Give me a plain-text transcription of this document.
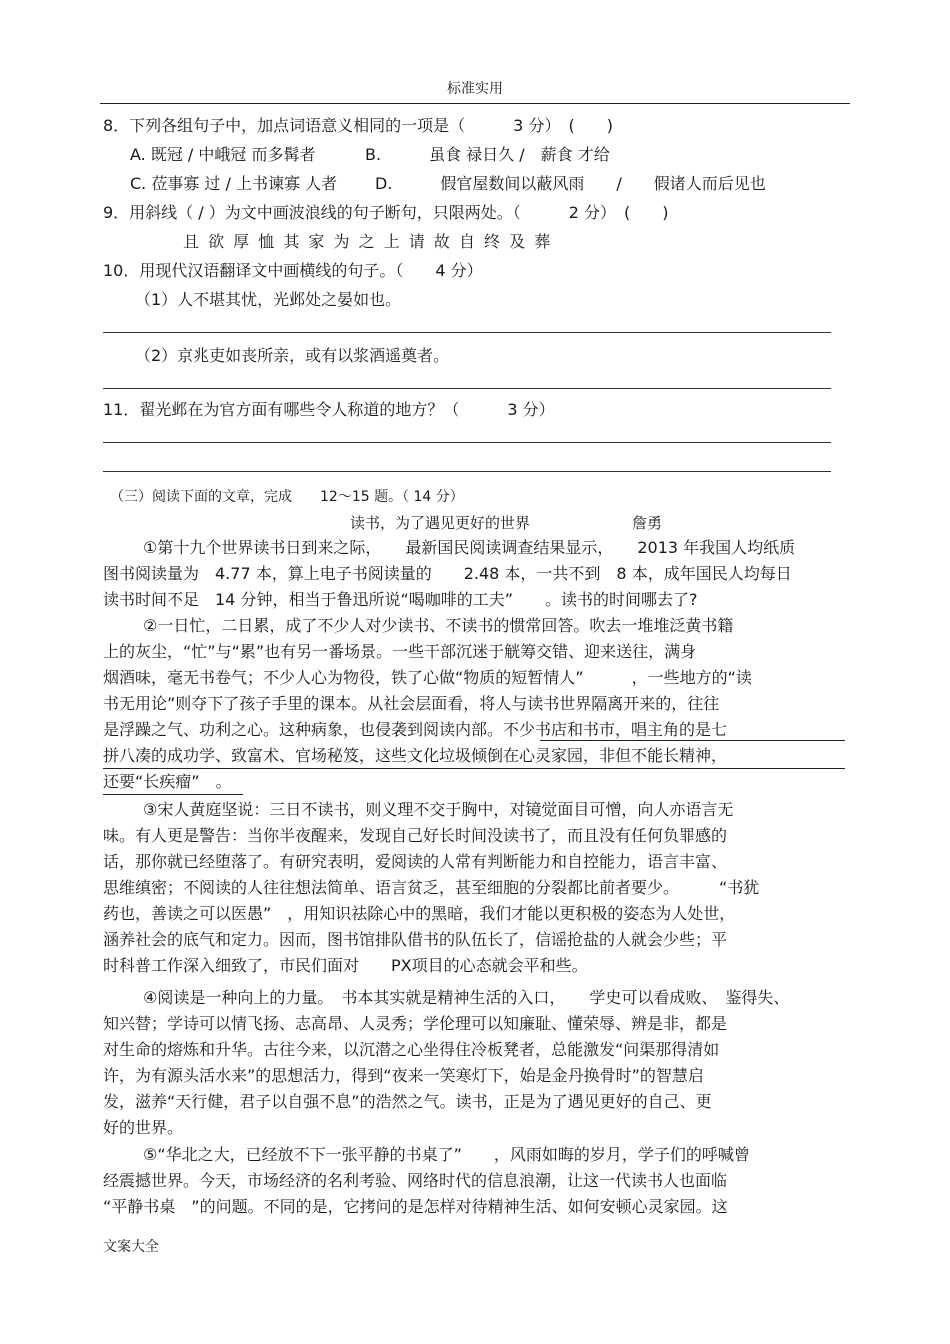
标准实用
8．下列各组句子中，加点词语意义相同的一项是（　　　3 分）　(　　)
A. 既冠 / 中峨冠 而多髯者	B.　　　虽食 禄日久 /　薪食 才给
C. 莅事寡 过 / 上书谏寡 人者 D.　　　假官屋数间以蔽风雨　　/　　假诸人而后见也
9．用斜线（ / ）为文中画波浪线的句子断句，只限两处。（　　　2 分）　(　　)
且 欲 厚 恤 其 家 为 之 上 请 故 自 终 及 葬
10．用现代汉语翻译文中画横线的句子。（　　4 分）
（1）人不堪其忧，光邺处之晏如也。
（2）京兆吏如丧所亲，或有以浆酒遥奠者。
11．翟光邺在为官方面有哪些令人称道的地方？（　　　3 分）
（三）阅读下面的文章，完成　　12～15 题。（ 14 分）
读书，为了遇见更好的世界	詹勇
①第十九个世界读书日到来之际，　　最新国民阅读调查结果显示，　　2013 年我国人均纸质
图书阅读量为　4.77 本，算上电子书阅读量的　　2.48 本，一共不到　8 本，成年国民人均每日
读书时间不足　14 分钟，相当于鲁迅所说“喝咖啡的工夫”　　。读书的时间哪去了?
②一日忙，二日累，成了不少人对少读书、不读书的惯常回答。吹去一堆堆泛黄书籍
上的灰尘，“忙”与“累”也有另一番场景。一些干部沉迷于觥筹交错、迎来送往，满身
烟酒味，毫无书卷气；不少人心为物役，铁了心做“物质的短暂情人”　　　，一些地方的“读
书无用论”则夺下了孩子手里的课本。从社会层面看，将人与读书世界隔离开来的，往往
是浮躁之气、功利之心。这种病象，也侵袭到阅读内部。不少书店和书市，唱主角的是七
拼八凑的成功学、致富术、官场秘笈，这些文化垃圾倾倒在心灵家园，非但不能长精神，
还要“长疾瘤”　。
③宋人黄庭坚说：三日不读书，则义理不交于胸中，对镜觉面目可憎，向人亦语言无
味。有人更是警告：当你半夜醒来，发现自己好长时间没读书了，而且没有任何负罪感的
话，那你就已经堕落了。有研究表明，爱阅读的人常有判断能力和自控能力，语言丰富、
思维缜密；不阅读的人往往想法简单、语言贫乏，甚至细胞的分裂都比前者要少。　　　“书犹
药也，善读之可以医愚”　，用知识祛除心中的黑暗，我们才能以更积极的姿态为人处世，
涵养社会的底气和定力。因而，图书馆排队借书的队伍长了，信谣抢盐的人就会少些；平
时科普工作深入细致了，市民们面对　　PX项目的心态就会平和些。
④阅读是一种向上的力量。　书本其实就是精神生活的入口，　　学史可以看成败、　鉴得失、
知兴替；学诗可以情飞扬、志高昂、人灵秀；学伦理可以知廉耻、懂荣辱、辨是非，都是
对生命的熔炼和升华。古往今来，以沉潜之心坐得住冷板凳者，总能激发“问渠那得清如
许，为有源头活水来”的思想活力，得到“夜来一笑寒灯下，始是金丹换骨时”的智慧启
发，滋养“天行健，君子以自强不息”的浩然之气。读书，正是为了遇见更好的自己、更
好的世界。
⑤“华北之大，已经放不下一张平静的书桌了”　　，风雨如晦的岁月，学子们的呼喊曾
经震撼世界。今天，市场经济的名利考验、网络时代的信息浪潮，让这一代读书人也面临
“平静书桌　”的问题。不同的是，它拷问的是怎样对待精神生活、如何安顿心灵家园。这
文案大全
